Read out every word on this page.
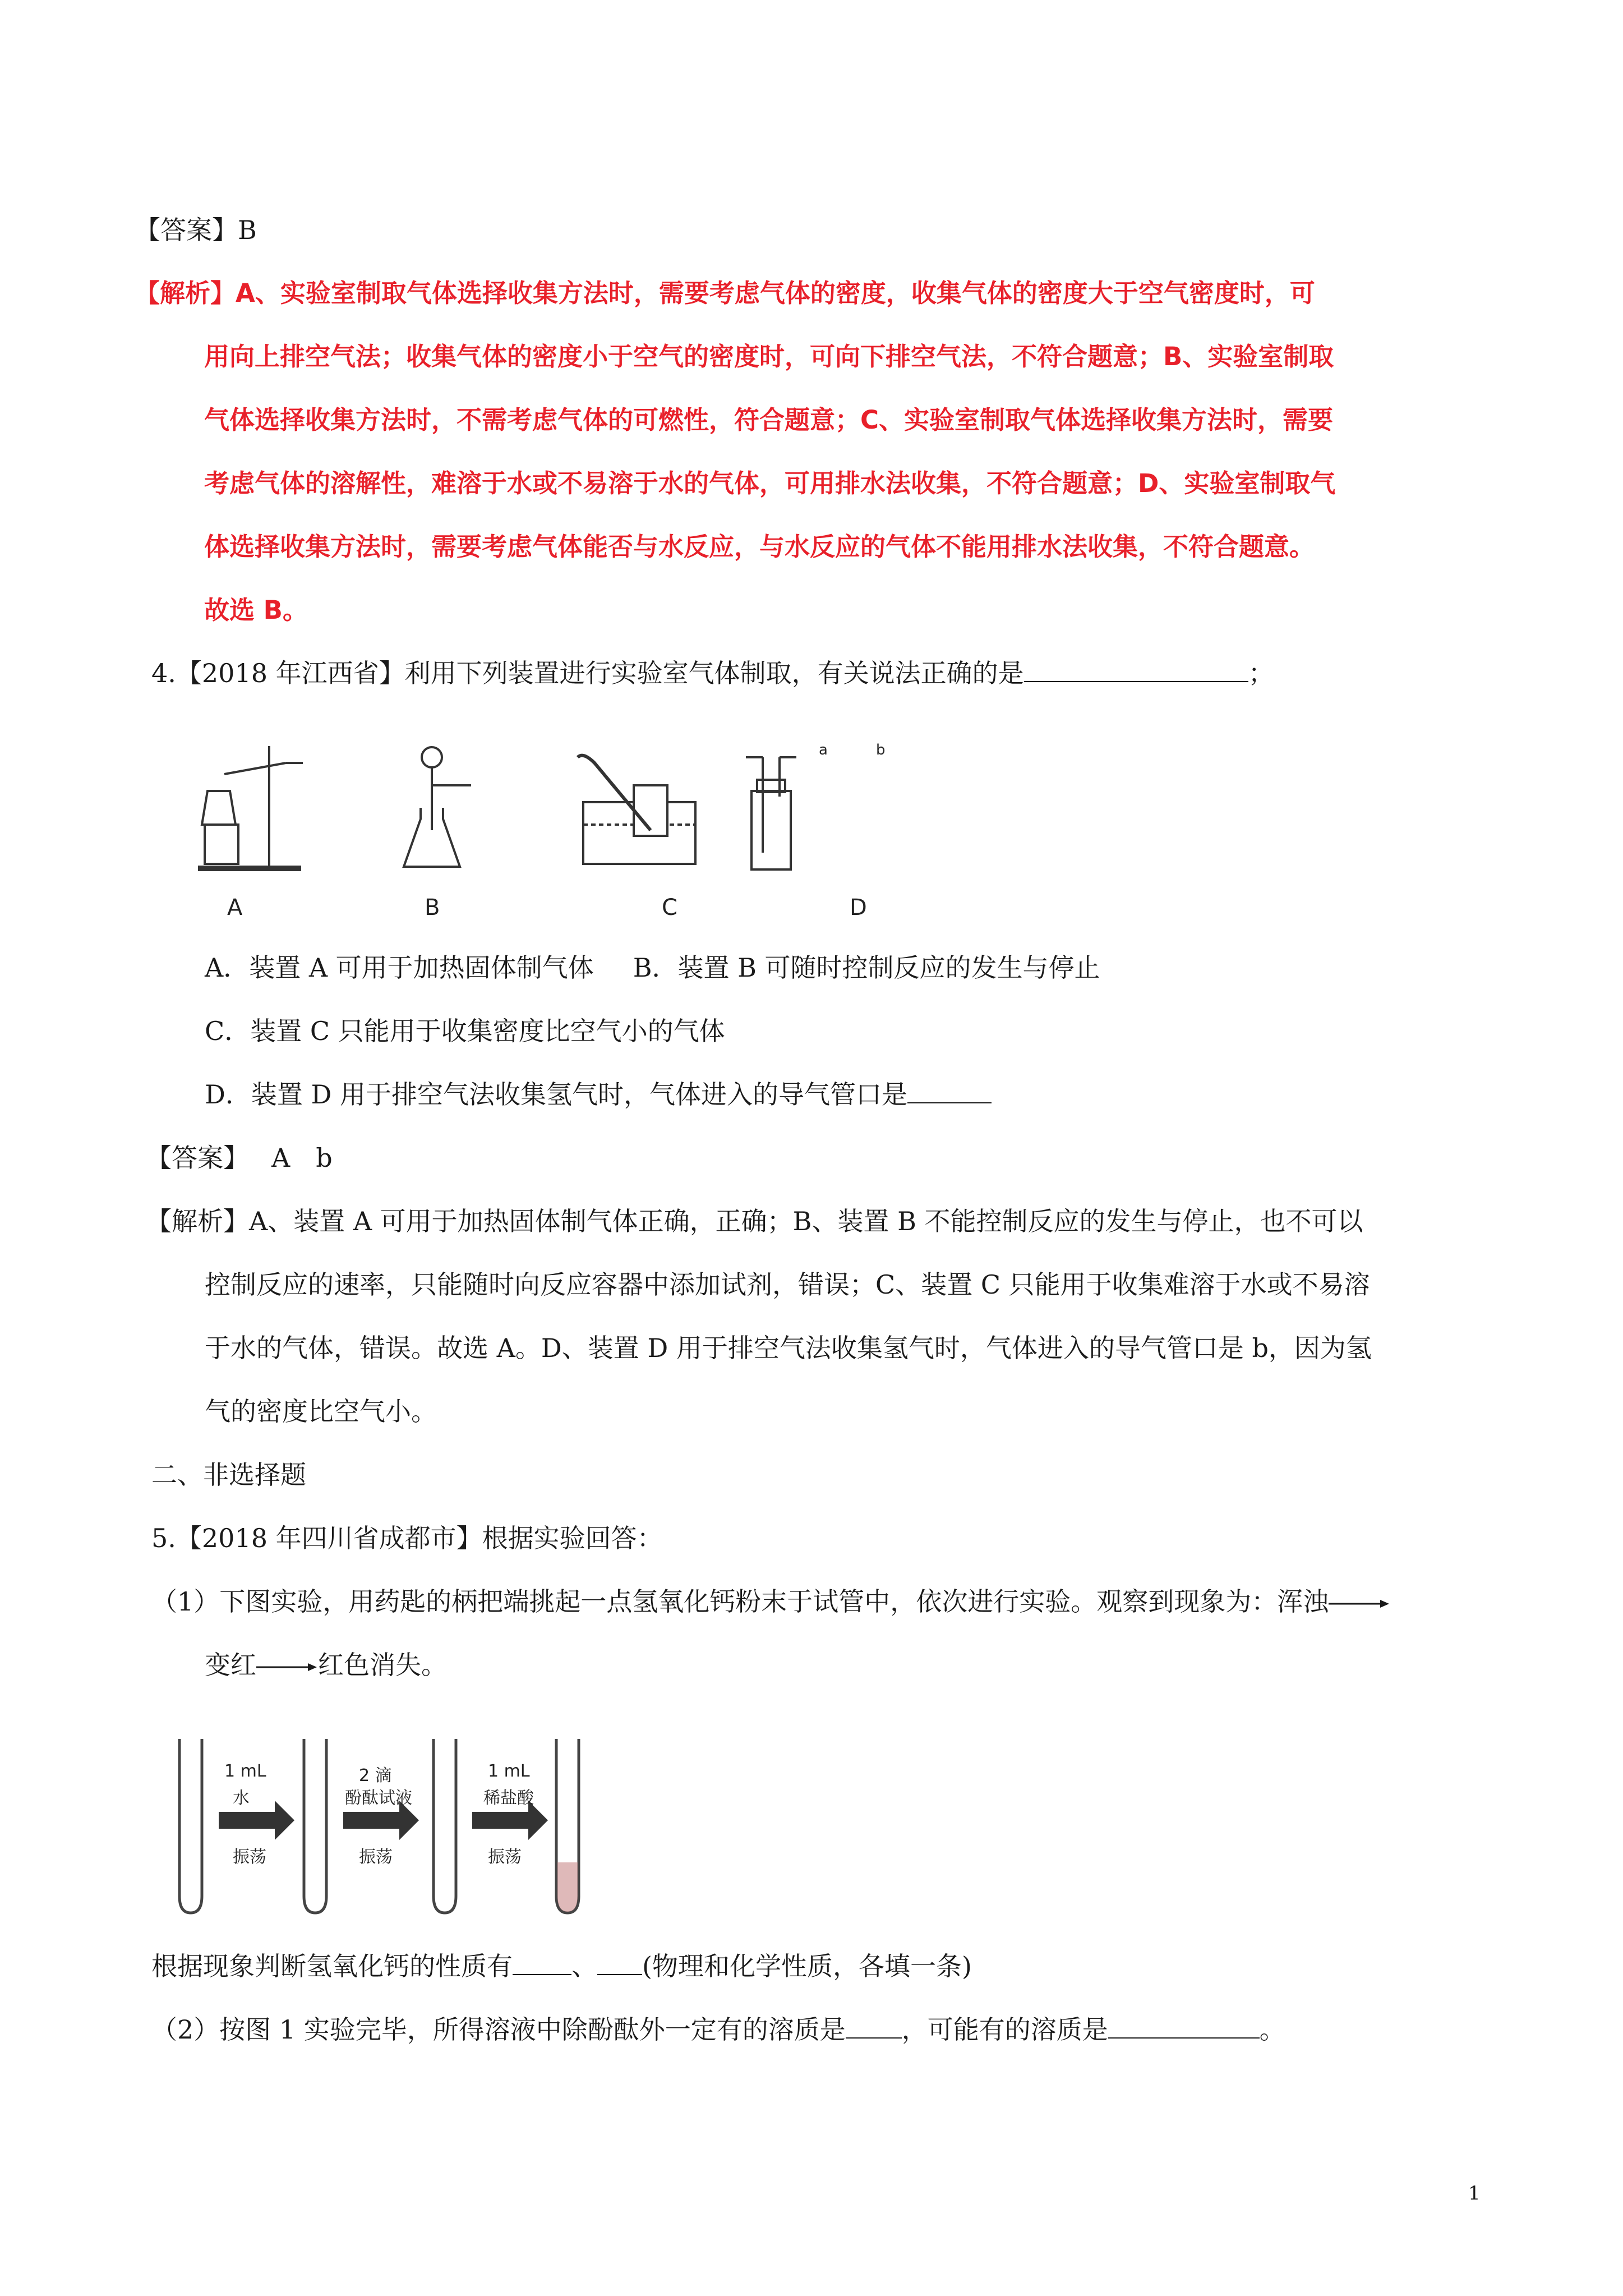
【答案】B
【解析】A、实验室制取气体选择收集方法时，需要考虑气体的密度，收集气体的密度大于空气密度时，可
用向上排空气法；收集气体的密度小于空气的密度时，可向下排空气法，不符合题意；B、实验室制取
气体选择收集方法时，不需考虑气体的可燃性，符合题意；C、实验室制取气体选择收集方法时，需要
考虑气体的溶解性，难溶于水或不易溶于水的气体，可用排水法收集，不符合题意；D、实验室制取气
体选择收集方法时，需要考虑气体能否与水反应，与水反应的气体不能用排水法收集，不符合题意。
故选 B。
4.【2018 年江西省】利用下列装置进行实验室气体制取，有关说法正确的是	；
A	B	C	D
a	b
A．装置 A 可用于加热固体制气体 B．装置 B 可随时控制反应的发生与停止
C．装置 C 只能用于收集密度比空气小的气体
D．装置 D 用于排空气法收集氢气时，气体进入的导气管口是
【答案】 A　b
【解析】A、装置 A 可用于加热固体制气体正确，正确；B、装置 B 不能控制反应的发生与停止，也不可以
控制反应的速率，只能随时向反应容器中添加试剂，错误；C、装置 C 只能用于收集难溶于水或不易溶
于水的气体，错误。故选 A。D、装置 D 用于排空气法收集氢气时，气体进入的导气管口是 b，因为氢
气的密度比空气小。
二、非选择题
5.【2018 年四川省成都市】根据实验回答：
（1）下图实验，用药匙的柄把端挑起一点氢氧化钙粉末于试管中，依次进行实验。观察到现象为：浑浊
变红 红色消失。
1 mL
水
振荡
2 滴
酚酞试液
振荡
1 mL
稀盐酸
振荡
根据现象判断氢氧化钙的性质有 、 (物理和化学性质，各填一条)
（2）按图 1 实验完毕，所得溶液中除酚酞外一定有的溶质是 ，可能有的溶质是	。
1
